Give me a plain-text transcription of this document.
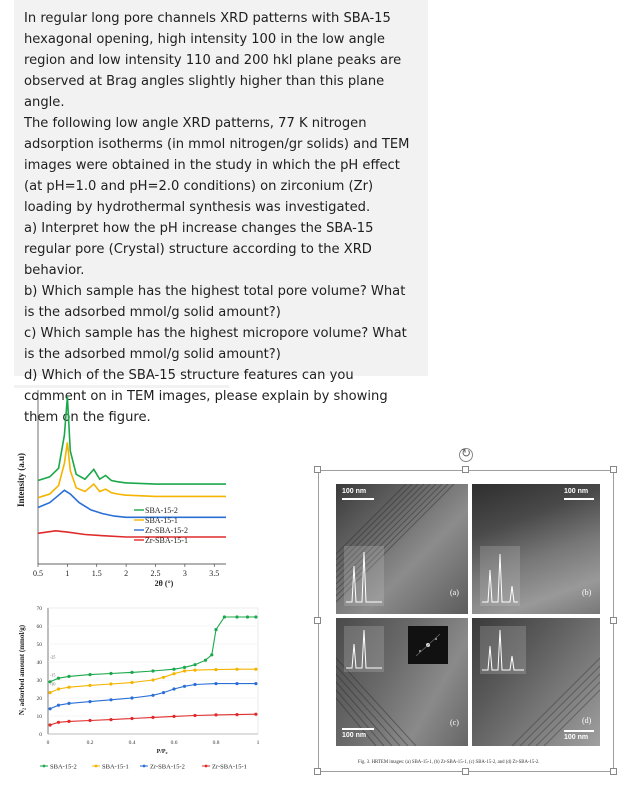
In regular long pore channels XRD patterns with SBA-15 hexagonal opening, high intensity 100 in the low angle region and low intensity 110 and 200 hkl plane peaks are observed at Brag angles slightly higher than this plane angle.

The following low angle XRD patterns, 77 K nitrogen adsorption isotherms (in mmol nitrogen/gr solids) and TEM images were obtained in the study in which the pH effect (at pH=1.0 and pH=2.0 conditions) on zirconium (Zr) loading by hydrothermal synthesis was investigated.

a) Interpret how the pH increase changes the SBA-15 regular pore (Crystal) structure according to the XRD behavior.

b) Which sample has the highest total pore volume? What is the adsorbed mmol/g solid amount?)

c) Which sample has the highest micropore volume? What is the adsorbed mmol/g solid amount?)

d) Which of the SBA-15 structure features can you comment on in TEM images, please explain by showing them on the figure.

Intensity (a.u)
2θ (°)
0.5	1	1.5	2	2.5	3	3.5
SBA-15-2
SBA-15-1
Zr-SBA-15-2
Zr-SBA-15-1
N₂ adsorbed amount (mmol/g)
P/P₀
0
10
20
30
40
50
60
70
0	0.2	0.4	0.6	0.8	1
-25
-15
-10
SBA-15-2	SBA-15-1	Zr-SBA-15-2	Zr-SBA-15-1
↻
100 nm
(a)
100 nm
(b)
100 nm
(c)
100 nm
(d)
Fig. 3. HRTEM images: (a) SBA-15-1, (b) Zr-SBA-15-1, (c) SBA-15-2, and (d) Zr-SBA-15-2.
